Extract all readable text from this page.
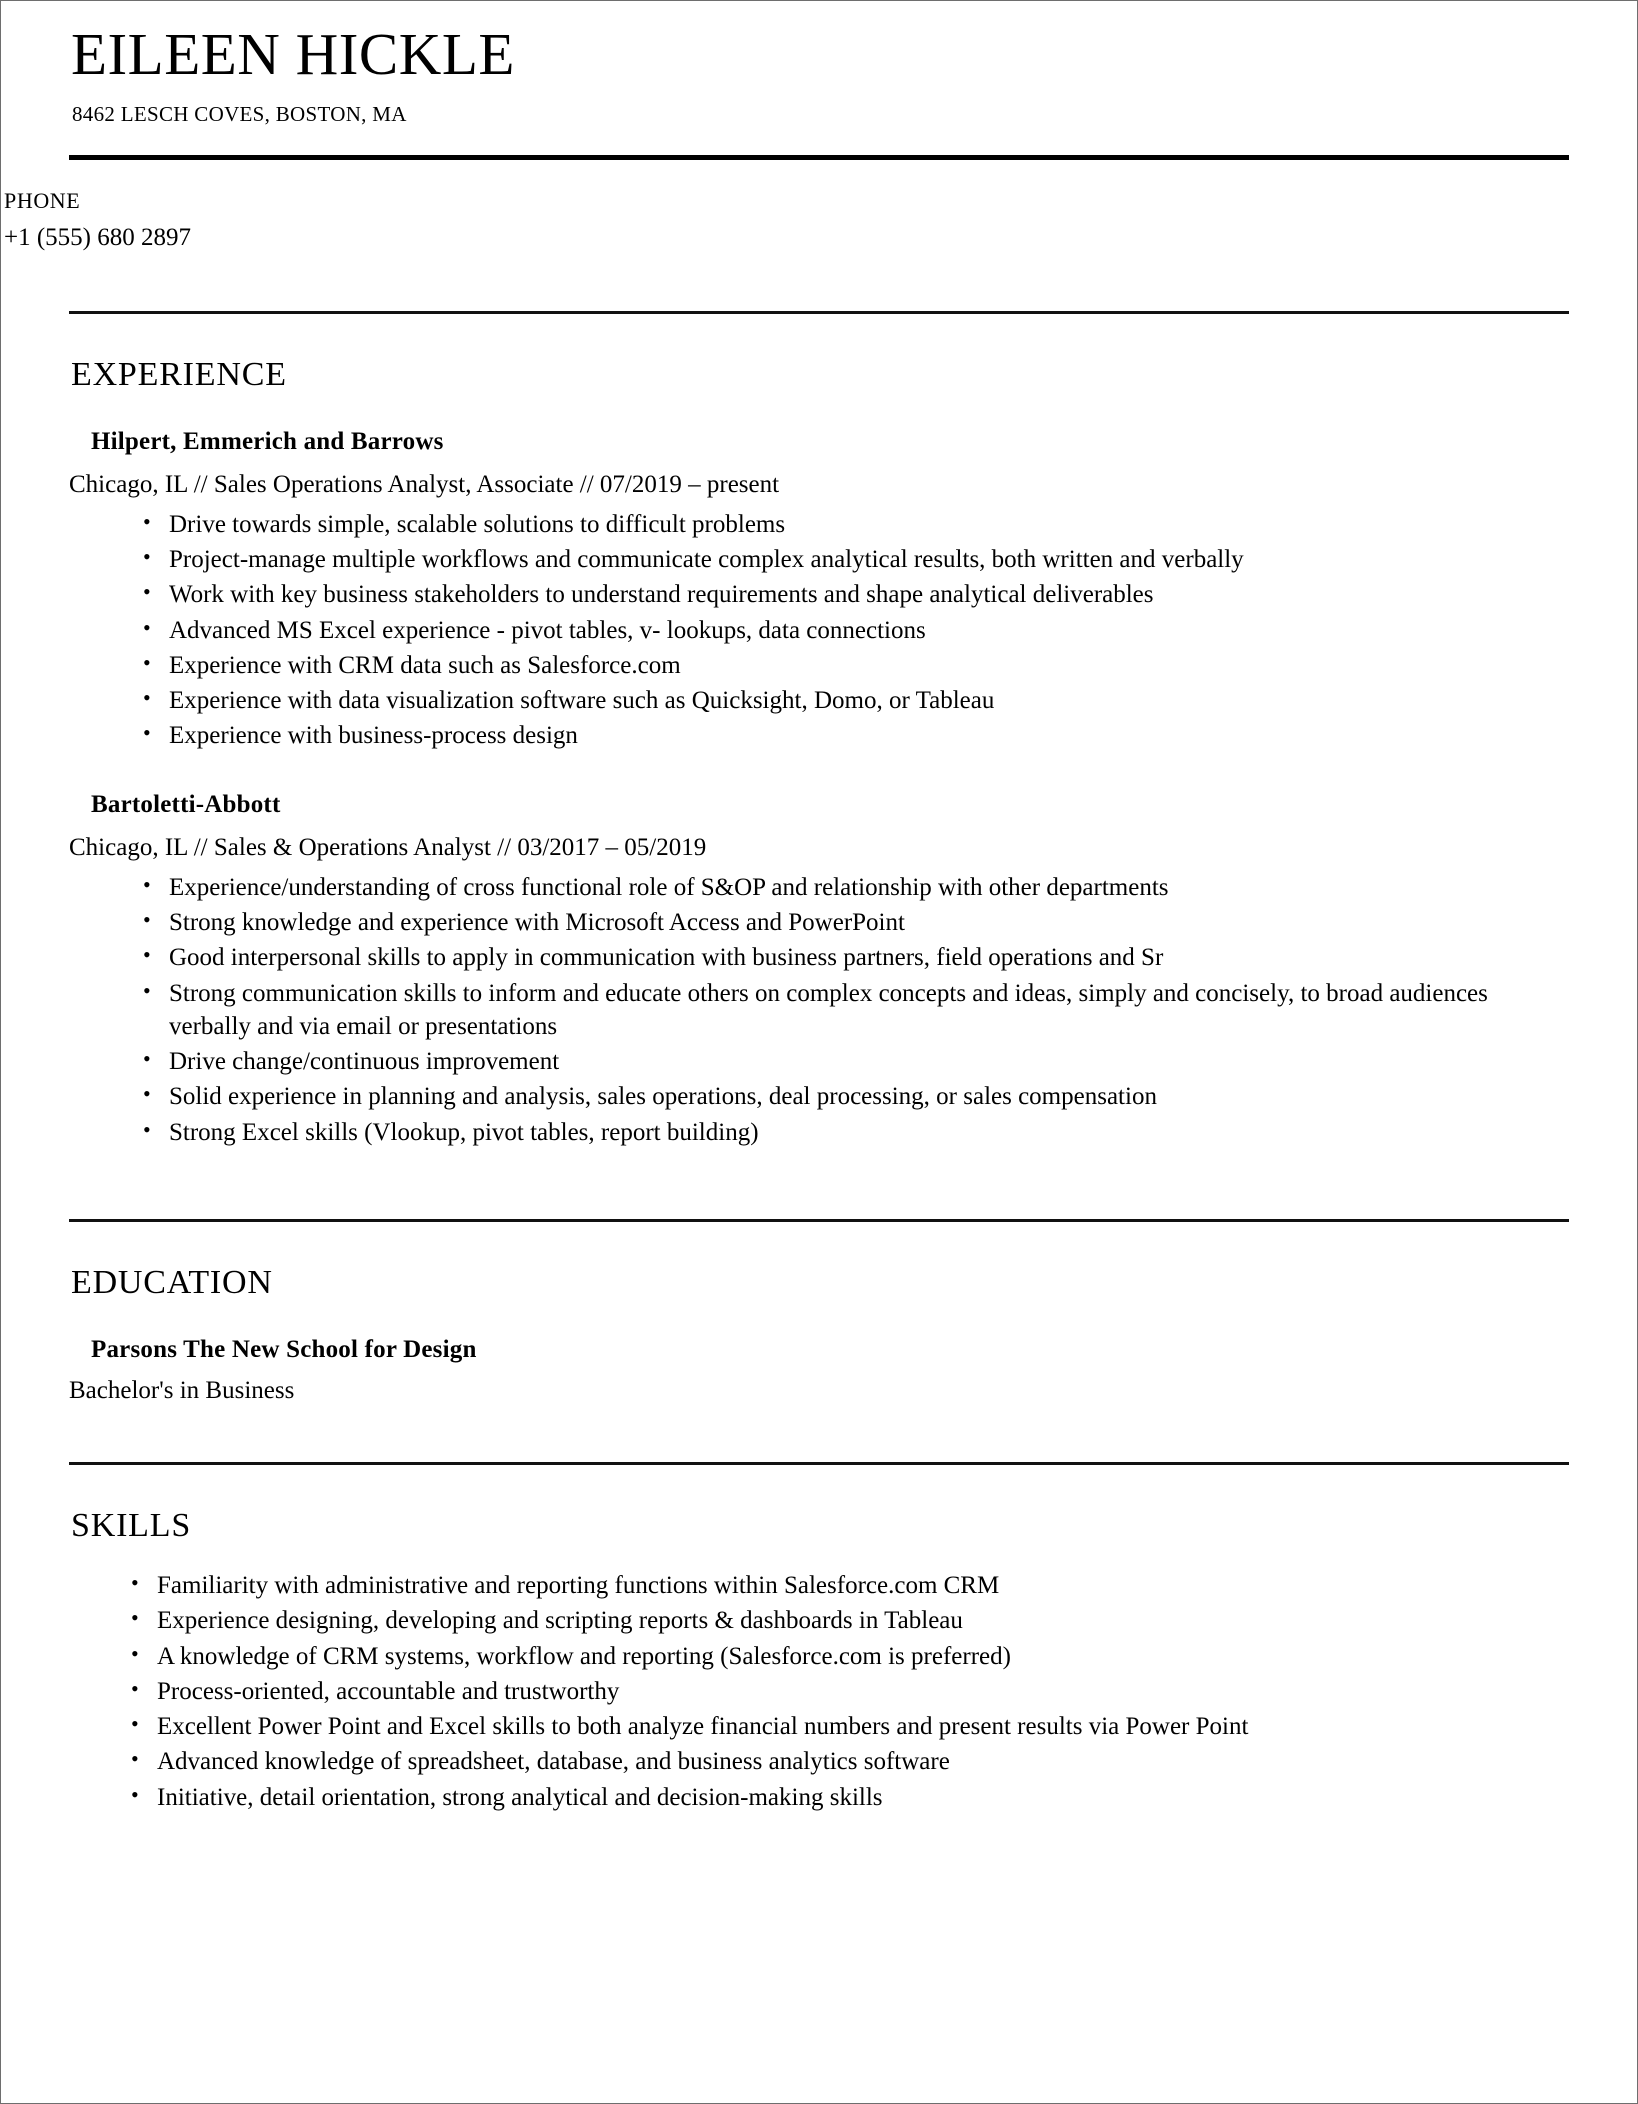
EILEEN HICKLE
8462 LESCH COVES, BOSTON, MA
PHONE
+1 (555) 680 2897
EXPERIENCE
Hilpert, Emmerich and Barrows
Chicago, IL // Sales Operations Analyst, Associate // 07/2019 – present
• Drive towards simple, scalable solutions to difficult problems
• Project-manage multiple workflows and communicate complex analytical results, both written and verbally
• Work with key business stakeholders to understand requirements and shape analytical deliverables
• Advanced MS Excel experience - pivot tables, v- lookups, data connections
• Experience with CRM data such as Salesforce.com
• Experience with data visualization software such as Quicksight, Domo, or Tableau
• Experience with business-process design
Bartoletti-Abbott
Chicago, IL // Sales & Operations Analyst // 03/2017 – 05/2019
• Experience/understanding of cross functional role of S&OP and relationship with other departments
• Strong knowledge and experience with Microsoft Access and PowerPoint
• Good interpersonal skills to apply in communication with business partners, field operations and Sr
• Strong communication skills to inform and educate others on complex concepts and ideas, simply and concisely, to broad audiences verbally and via email or presentations
• Drive change/continuous improvement
• Solid experience in planning and analysis, sales operations, deal processing, or sales compensation
• Strong Excel skills (Vlookup, pivot tables, report building)
EDUCATION
Parsons The New School for Design
Bachelor's in Business
SKILLS
• Familiarity with administrative and reporting functions within Salesforce.com CRM
• Experience designing, developing and scripting reports & dashboards in Tableau
• A knowledge of CRM systems, workflow and reporting (Salesforce.com is preferred)
• Process-oriented, accountable and trustworthy
• Excellent Power Point and Excel skills to both analyze financial numbers and present results via Power Point
• Advanced knowledge of spreadsheet, database, and business analytics software
• Initiative, detail orientation, strong analytical and decision-making skills
